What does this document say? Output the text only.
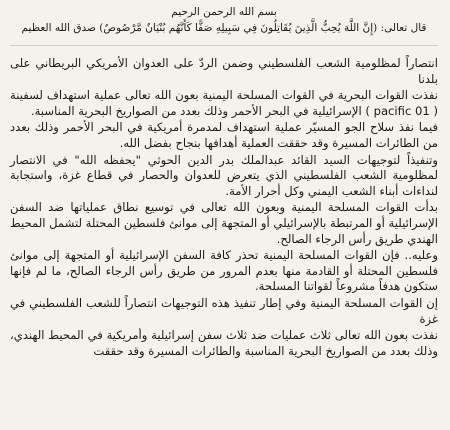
بسم الله الرحمن الرحيم

قال تعالى: (إِنَّ اللَّهَ يُحِبُّ الَّذِينَ يُقَاتِلُونَ فِي سَبِيلِهِ صَفًّا كَأَنَّهُم بُنْيَانٌ مَّرْصُوصٌ) صدق الله العظيم

انتصاراً لمظلومية الشعب الفلسطيني وضمن الردّ على العدوان الأمريكي البريطاني على بلدنا

نفذت القوات البحرية في القوات المسلحة اليمنية بعون الله تعالى عملية استهداف لسفينة ( pacific 01 ) الإسرائيلية في البحر الأحمر وذلك بعدد من الصواريخ البحرية المناسبة.

فيما نفذ سلاح الجو المسيّر عملية استهداف لمدمرة أمريكية في البحر الأحمر وذلك بعدد من الطائرات المسيرة وقد حققت العملية أهدافها بنجاح بفضل الله.

وتنفيذاً لتوجيهات السيد القائد عبدالملك بدر الدين الحوثي "يحفظه الله" في الانتصار لمظلومية الشعب الفلسطيني الذي يتعرض للعدوان والحصار في قطاع غزة، واستجابة لنداءات أبناء الشعب اليمني وكل أحرار الأمة.

بدأت القوات المسلحة اليمنية وبعون الله تعالى في توسيع نطاق عملياتها ضد السفن الإسرائيلية أو المرتبطة بالإسرائيلي أو المتجهة إلى موانئ فلسطين المحتلة لتشمل المحيط الهندي طريق رأس الرجاء الصالح.

وعليه.. فإن القوات المسلحة اليمنية تحذر كافة السفن الإسرائيلية أو المتجهة إلى موانئ فلسطين المحتلة أو القادمة منها بعدم المرور من طريق رأس الرجاء الصالح، ما لم فإنها ستكون هدفاً مشروعاً لقواتنا المسلحة.

إن القوات المسلحة اليمنية وفي إطار تنفيذ هذه التوجيهات انتصاراً للشعب الفلسطيني في غزة

نفذت بعون الله تعالى ثلاث عمليات ضد ثلاث سفن إسرائيلية وأمريكية في المحيط الهندي، وذلك بعدد من الصواريخ البحرية المناسبة والطائرات المسيرة وقد حققت
